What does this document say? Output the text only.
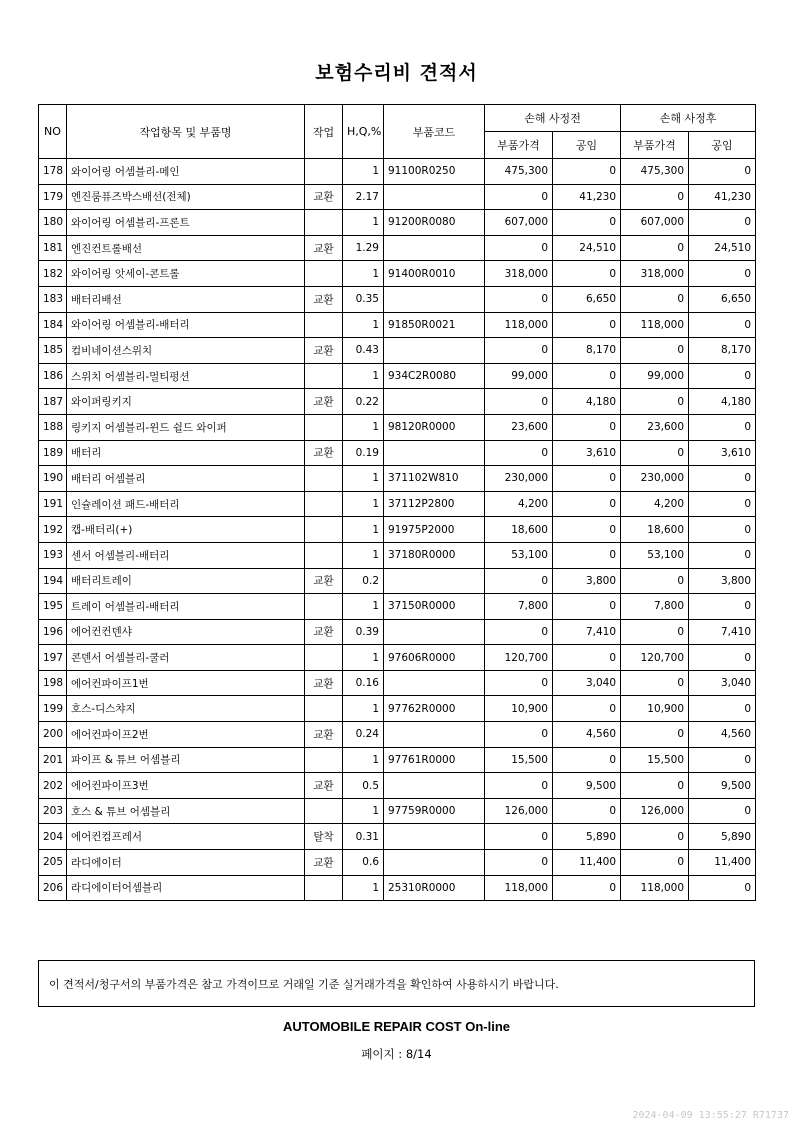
보험수리비 견적서
NO	작업항목 및 부품명	작업	H,Q,%	부품코드	손해 사정전		손해 사정후	
					부품가격	공임	부품가격	공임
178	와이어링 어셈블리-메인		1	91100R0250	475,300	0	475,300	0
179	엔진룸퓨즈박스배선(전체)	교환	2.17		0	41,230	0	41,230
180	와이어링 어셈블리-프론트		1	91200R0080	607,000	0	607,000	0
181	엔진컨트롤배선	교환	1.29		0	24,510	0	24,510
182	와이어링 앗세이-콘트롤		1	91400R0010	318,000	0	318,000	0
183	배터리배선	교환	0.35		0	6,650	0	6,650
184	와이어링 어셈블리-배터리		1	91850R0021	118,000	0	118,000	0
185	컴비네이션스위치	교환	0.43		0	8,170	0	8,170
186	스위치 어셈블리-멀티펑션		1	934C2R0080	99,000	0	99,000	0
187	와이퍼링키지	교환	0.22		0	4,180	0	4,180
188	링키지 어셈블리-윈드 쉴드 와이퍼		1	98120R0000	23,600	0	23,600	0
189	배터리	교환	0.19		0	3,610	0	3,610
190	배터리 어셈블리		1	371102W810	230,000	0	230,000	0
191	인슐레이션 패드-배터리		1	37112P2800	4,200	0	4,200	0
192	캡-배터리(+)		1	91975P2000	18,600	0	18,600	0
193	센서 어셈블리-배터리		1	37180R0000	53,100	0	53,100	0
194	배터리트레이	교환	0.2		0	3,800	0	3,800
195	트레이 어셈블리-배터리		1	37150R0000	7,800	0	7,800	0
196	에어컨컨덴샤	교환	0.39		0	7,410	0	7,410
197	콘덴서 어셈블리-쿨러		1	97606R0000	120,700	0	120,700	0
198	에어컨파이프1번	교환	0.16		0	3,040	0	3,040
199	호스-디스챠지		1	97762R0000	10,900	0	10,900	0
200	에어컨파이프2번	교환	0.24		0	4,560	0	4,560
201	파이프 & 튜브 어셈블리		1	97761R0000	15,500	0	15,500	0
202	에어컨파이프3번	교환	0.5		0	9,500	0	9,500
203	호스 & 튜브 어셈블리		1	97759R0000	126,000	0	126,000	0
204	에어컨컴프레서	탈착	0.31		0	5,890	0	5,890
205	라디에이터	교환	0.6		0	11,400	0	11,400
206	라디에이터어셈블리		1	25310R0000	118,000	0	118,000	0
이 견적서/청구서의 부품가격은 참고 가격이므로 거래일 기준 실거래가격을 확인하여 사용하시기 바랍니다.
AUTOMOBILE REPAIR COST On-line
페이지 : 8/14
2024-04-09 13:55:27 R71737
